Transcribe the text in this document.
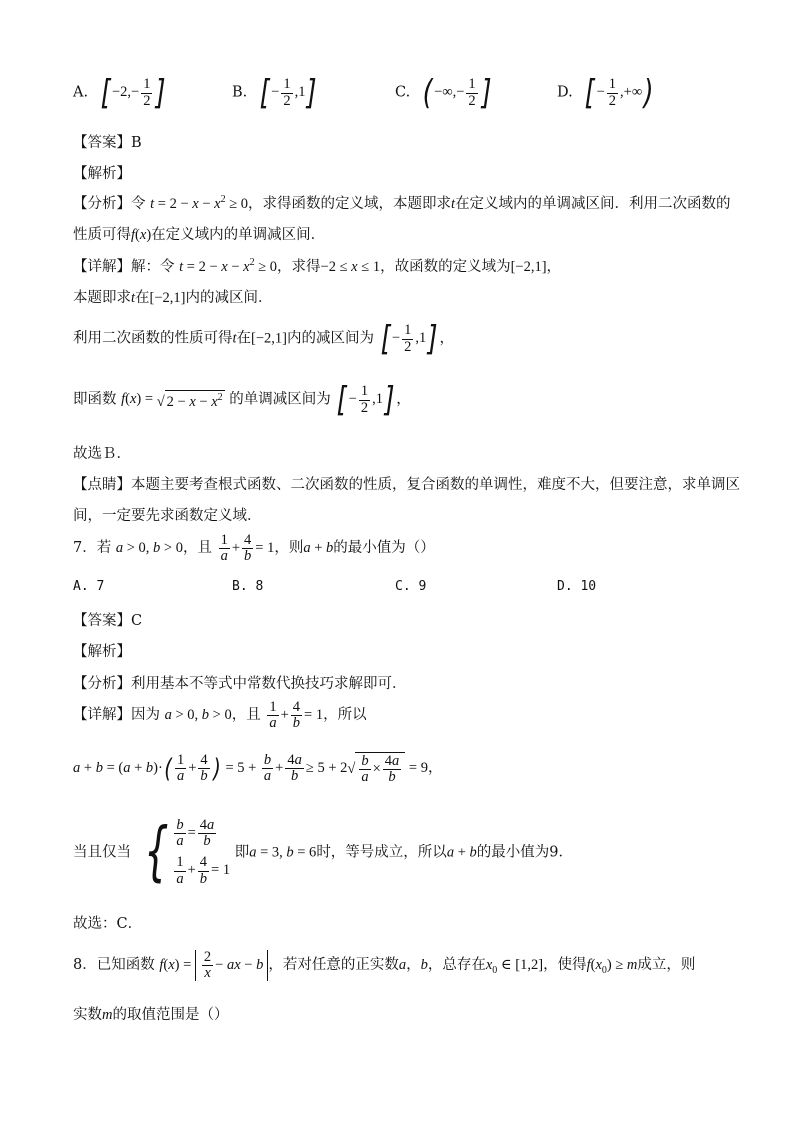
A. [ $-2,- \frac{1}{2}$ ]	B. [ − $\frac{1}{2} ,1$]	C. ( −∞,− $\frac{1}{2}$ ]	D. [ − $\frac{1}{2}$ ,+∞)
【答案】B
【解析】
【分析】令 $t = 2 - x - x^2 \ge 0$，求得函数的定义域，本题即求t在定义域内的单调减区间．利用二次函数的
性质可得f(x)在定义域内的单调减区间．
【详解】解：令 $t = 2 - x - x^2 \ge 0$，求得−2 ≤ x ≤ 1，故函数的定义域为[−2,1]，
本题即求t在[−2,1]内的减区间．
利用二次函数的性质可得t在[−2,1]内的减区间为 [ − $\frac{1}{2} ,1$] ，
即函数 f(x) = √ $2 - x - x^2$ 的单调减区间为 [ − $\frac{1}{2} ,1$] ，
故选Ｂ．
【点睛】本题主要考查根式函数、二次函数的性质，复合函数的单调性，难度不大，但要注意，求单调区
间，一定要先求函数定义域．
7．若 a > 0, b > 0，且 $\frac{1}{a} + \frac{4}{b} = 1$，则a + b的最小值为（）
A. 7	B. 8	C. 9	D. 10
【答案】C
【解析】
【分析】利用基本不等式中常数代换技巧求解即可．
【详解】因为 a > 0, b > 0，且 $\frac{1}{a} + \frac{4}{b} = 1$，所以
$a + b = (a + b)\cdot( \frac{1}{a} + \frac{4}{b}$ ) = $5 + \frac{b}{a} + \frac{4a}{b} \ge 5 + 2√ \frac{b}{a} \times \frac{4a}{b} = 9$，
当且仅当 { $\frac{b}{a} = \frac{4a}{b}$
$\frac{1}{a} + \frac{4}{b} = 1$
即a = 3, b = 6时，等号成立，所以a + b的最小值为9．
故选：C．
8．已知函数 $f(x) = \frac{2}{x}$ − ax − b ，若对任意的正实数a，b，总存在$x_0$ ∈ [1,2]，使得$f(x_0) \ge m$成立，则
实数m的取值范围是（）
